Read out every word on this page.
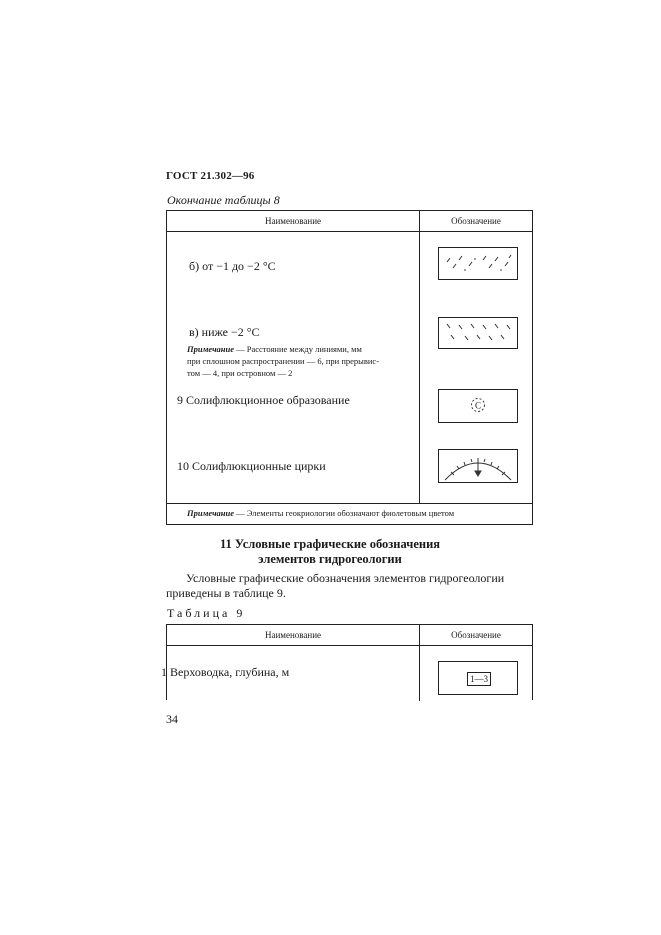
ГОСТ 21.302—96
Окончание таблицы 8
Наименование	Обозначение
б) от −1 до −2 °С
в) ниже −2 °С
Примечание — Расстояние между линиями, мм
при сплошном распространении — 6, при прерывис-
том — 4, при островном — 2
9 Солифлюкционное образование	С
10 Солифлюкционные цирки
Примечание — Элементы геокриологии обозначают фиолетовым цветом
11 Условные графические обозначения
элементов гидрогеологии
Условные графические обозначения элементов гидрогеологии
приведены в таблице 9.
Таблица 9
Наименование	Обозначение
1 Верховодка, глубина, м	1—3
34
